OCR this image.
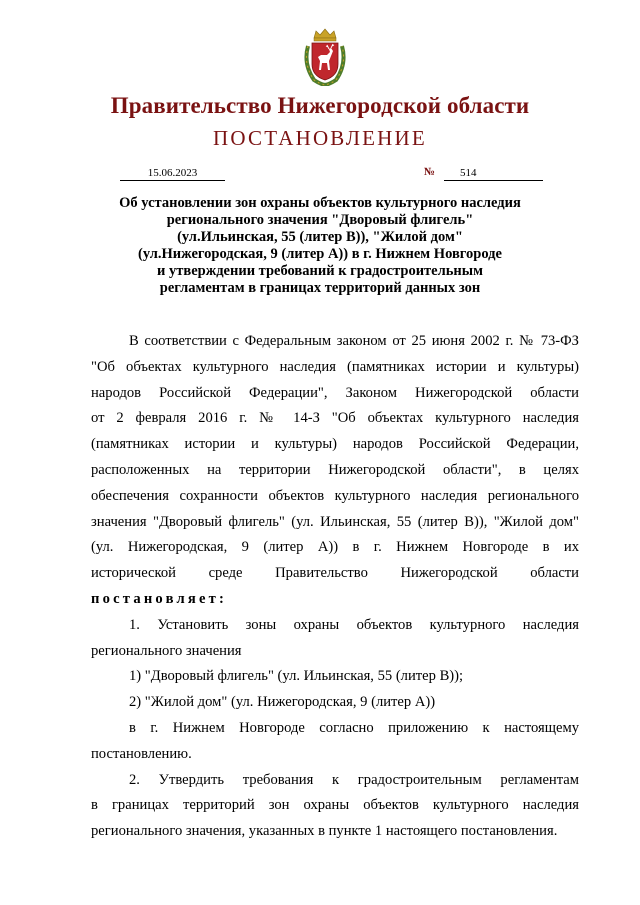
Правительство Нижегородской области
ПОСТАНОВЛЕНИЕ
15.06.2023	№	514
Об установлении зон охраны объектов культурного наследия
регионального значения "Дворовый флигель"
(ул.Ильинская, 55 (литер В)), "Жилой дом"
(ул.Нижегородская, 9 (литер А)) в г. Нижнем Новгороде
и утверждении требований к градостроительным
регламентам в границах территорий данных зон
В соответствии с Федеральным законом от 25 июня 2002 г. № 73-ФЗ
"Об объектах культурного наследия (памятниках истории и культуры)
народов Российской Федерации", Законом Нижегородской области
от 2 февраля 2016 г. № 14-З "Об объектах культурного наследия
(памятниках истории и культуры) народов Российской Федерации,
расположенных на территории Нижегородской области", в целях
обеспечения сохранности объектов культурного наследия регионального
значения "Дворовый флигель" (ул. Ильинская, 55 (литер В)), "Жилой дом"
(ул. Нижегородская, 9 (литер А)) в г. Нижнем Новгороде в их
исторической среде Правительство Нижегородской области
постановляет:
1. Установить зоны охраны объектов культурного наследия
регионального значения
1) "Дворовый флигель" (ул. Ильинская, 55 (литер В));
2) "Жилой дом" (ул. Нижегородская, 9 (литер А))
в г. Нижнем Новгороде согласно приложению к настоящему
постановлению.
2. Утвердить требования к градостроительным регламентам
в границах территорий зон охраны объектов культурного наследия
регионального значения, указанных в пункте 1 настоящего постановления.
